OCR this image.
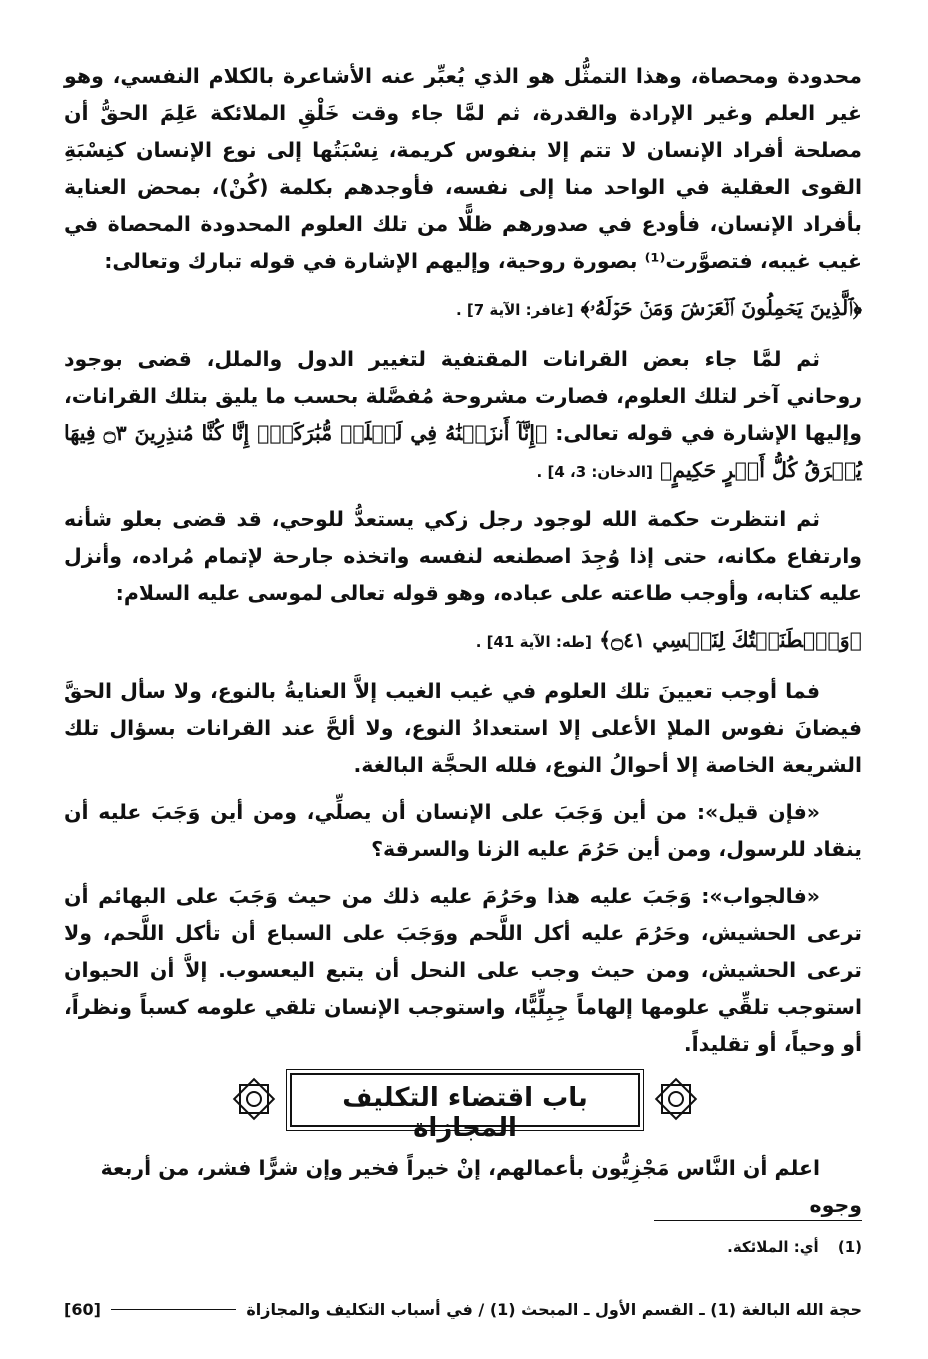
محدودة ومحصاة، وهذا التمثُّل هو الذي يُعبِّر عنه الأشاعرة بالكلام النفسي، وهو غير العلم وغير الإرادة والقدرة، ثم لمَّا جاء وقت خَلْقِ الملائكة عَلِمَ الحقُّ أن مصلحة أفراد الإنسان لا تتم إلا بنفوس كريمة، نِسْبَتُها إلى نوع الإنسان كنِسْبَةِ القوى العقلية في الواحد منا إلى نفسه، فأوجدهم بكلمة (كُنْ)، بمحض العناية بأفراد الإنسان، فأودع في صدورهم ظلًّا من تلك العلوم المحدودة المحصاة في غيب غيبه، فتصوَّرت⁽¹⁾ بصورة روحية، وإليهم الإشارة في قوله تبارك وتعالى:

﴿ٱلَّذِينَ يَحۡمِلُونَ ٱلۡعَرۡشَ وَمَنۡ حَوۡلَهُۥ﴾ [غافر: الآية 7] .

ثم لمَّا جاء بعض القرانات المقتفية لتغيير الدول والملل، قضى بوجود روحاني آخر لتلك العلوم، فصارت مشروحة مُفصَّلة بحسب ما يليق بتلك القرانات، وإليها الإشارة في قوله تعالى: ﴿إِنَّآ أَنزَلۡنَٰهُ فِي لَيۡلَةٖ مُّبَٰرَكَةٍۚ إِنَّا كُنَّا مُنذِرِينَ ۝٣ فِيهَا يُفۡرَقُ كُلُّ أَمۡرٍ حَكِيمٍ﴾ [الدخان: 3، 4] .

ثم انتظرت حكمة الله لوجود رجل زكي يستعدُّ للوحي، قد قضى بعلو شأنه وارتفاع مكانه، حتى إذا وُجِدَ اصطنعه لنفسه واتخذه جارحة لإتمام مُراده، وأنزل عليه كتابه، وأوجب طاعته على عباده، وهو قوله تعالى لموسى عليه السلام:

﴿وَٱصۡطَنَعۡتُكَ لِنَفۡسِي ۝٤١﴾ [طه: الآية 41] .

فما أوجب تعيينَ تلك العلوم في غيب الغيب إلاَّ العنايةُ بالنوع، ولا سأل الحقَّ فيضانَ نفوس الملإ الأعلى إلا استعدادُ النوع، ولا ألحَّ عند القرانات بسؤال تلك الشريعة الخاصة إلا أحوالُ النوع، فلله الحجَّة البالغة.

«فإن قيل»: من أين وَجَبَ على الإنسان أن يصلِّي، ومن أين وَجَبَ عليه أن ينقاد للرسول، ومن أين حَرُمَ عليه الزنا والسرقة؟

«فالجواب»: وَجَبَ عليه هذا وحَرُمَ عليه ذلك من حيث وَجَبَ على البهائم أن ترعى الحشيش، وحَرُمَ عليه أكل اللَّحم ووَجَبَ على السباع أن تأكل اللَّحم، ولا ترعى الحشيش، ومن حيث وجب على النحل أن يتبع اليعسوب. إلاَّ أن الحيوان استوجب تلقِّي علومها إلهاماً جِبِلِّيًّا، واستوجب الإنسان تلقي علومه كسباً ونظراً، أو وحياً، أو تقليداً.

باب اقتضاء التكليف المجازاة
اعلم أن النَّاس مَجْزِيُّون بأعمالهم، إنْ خيراً فخير وإن شرًّا فشر، من أربعة وجوه
(1) أي: الملائكة.
حجة الله البالغة (1) ـ القسم الأول ـ المبحث (1) / في أسباب التكليف والمجازاة
[60]
